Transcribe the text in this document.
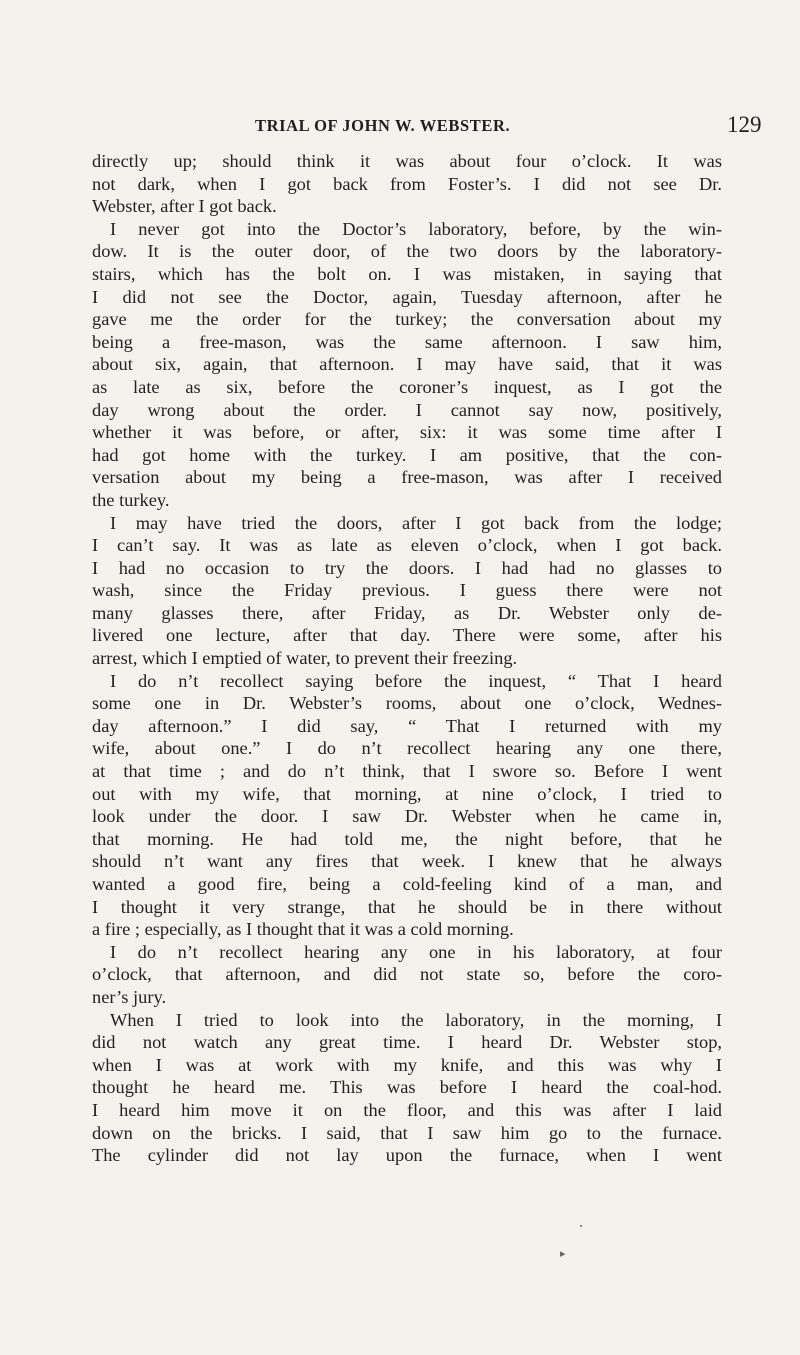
TRIAL OF JOHN W. WEBSTER.	129
directly up; should think it was about four o’clock. It was
not dark, when I got back from Foster’s. I did not see Dr.
Webster, after I got back.
I never got into the Doctor’s laboratory, before, by the win-
dow. It is the outer door, of the two doors by the laboratory-
stairs, which has the bolt on. I was mistaken, in saying that
I did not see the Doctor, again, Tuesday afternoon, after he
gave me the order for the turkey; the conversation about my
being a free-mason, was the same afternoon. I saw him,
about six, again, that afternoon. I may have said, that it was
as late as six, before the coroner’s inquest, as I got the
day wrong about the order. I cannot say now, positively,
whether it was before, or after, six: it was some time after I
had got home with the turkey. I am positive, that the con-
versation about my being a free-mason, was after I received
the turkey.
I may have tried the doors, after I got back from the lodge;
I can’t say. It was as late as eleven o’clock, when I got back.
I had no occasion to try the doors. I had had no glasses to
wash, since the Friday previous. I guess there were not
many glasses there, after Friday, as Dr. Webster only de-
livered one lecture, after that day. There were some, after his
arrest, which I emptied of water, to prevent their freezing.
I do n’t recollect saying before the inquest, “ That I heard
some one in Dr. Webster’s rooms, about one o’clock, Wednes-
day afternoon.” I did say, “ That I returned with my
wife, about one.” I do n’t recollect hearing any one there,
at that time ; and do n’t think, that I swore so. Before I went
out with my wife, that morning, at nine o’clock, I tried to
look under the door. I saw Dr. Webster when he came in,
that morning. He had told me, the night before, that he
should n’t want any fires that week. I knew that he always
wanted a good fire, being a cold-feeling kind of a man, and
I thought it very strange, that he should be in there without
a fire ; especially, as I thought that it was a cold morning.
I do n’t recollect hearing any one in his laboratory, at four
o’clock, that afternoon, and did not state so, before the coro-
ner’s jury.
When I tried to look into the laboratory, in the morning, I
did not watch any great time. I heard Dr. Webster stop,
when I was at work with my knife, and this was why I
thought he heard me. This was before I heard the coal-hod.
I heard him move it on the floor, and this was after I laid
down on the bricks. I said, that I saw him go to the furnace.
The cylinder did not lay upon the furnace, when I went
▸
